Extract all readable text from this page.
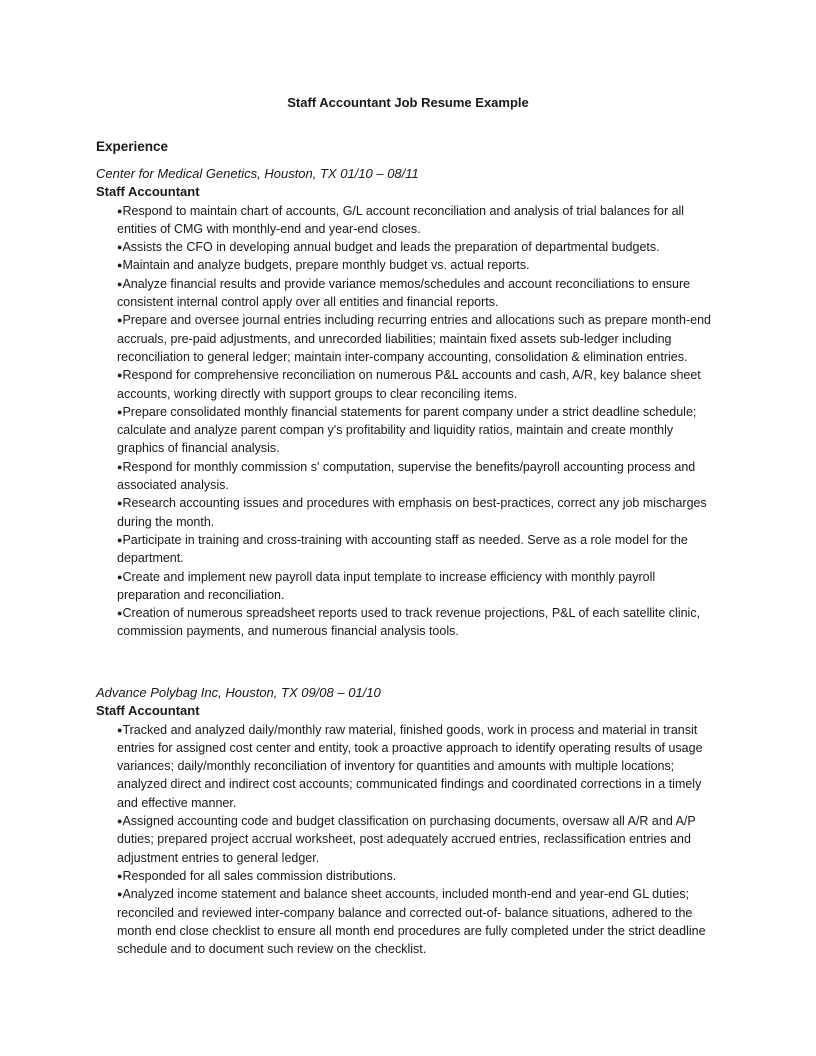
Staff Accountant Job Resume Example
Experience

Center for Medical Genetics, Houston, TX 01/10 – 08/11

Staff Accountant

●Respond to maintain chart of accounts, G/L account reconciliation and analysis of trial balances for all entities of CMG with monthly-end and year-end closes.
●Assists the CFO in developing annual budget and leads the preparation of departmental budgets.
●Maintain and analyze budgets, prepare monthly budget vs. actual reports.
●Analyze financial results and provide variance memos/schedules and account reconciliations to ensure consistent internal control apply over all entities and financial reports.
●Prepare and oversee journal entries including recurring entries and allocations such as prepare month-end accruals, pre-paid adjustments, and unrecorded liabilities; maintain fixed assets sub-ledger including reconciliation to general ledger; maintain inter-company accounting, consolidation & elimination entries.
●Respond for comprehensive reconciliation on numerous P&L accounts and cash, A/R, key balance sheet accounts, working directly with support groups to clear reconciling items.
●Prepare consolidated monthly financial statements for parent company under a strict deadline schedule; calculate and analyze parent compan y's profitability and liquidity ratios, maintain and create monthly graphics of financial analysis.
●Respond for monthly commission s' computation, supervise the benefits/payroll accounting process and associated analysis.
●Research accounting issues and procedures with emphasis on best-practices, correct any job mischarges during the month.
●Participate in training and cross-training with accounting staff as needed. Serve as a role model for the department.
●Create and implement new payroll data input template to increase efficiency with monthly payroll preparation and reconciliation.
●Creation of numerous spreadsheet reports used to track revenue projections, P&L of each satellite clinic, commission payments, and numerous financial analysis tools.

Advance Polybag Inc, Houston, TX 09/08 – 01/10

Staff Accountant

●Tracked and analyzed daily/monthly raw material, finished goods, work in process and material in transit entries for assigned cost center and entity, took a proactive approach to identify operating results of usage variances; daily/monthly reconciliation of inventory for quantities and amounts with multiple locations; analyzed direct and indirect cost accounts; communicated findings and coordinated corrections in a timely and effective manner.
●Assigned accounting code and budget classification on purchasing documents, oversaw all A/R and A/P duties; prepared project accrual worksheet, post adequately accrued entries, reclassification entries and adjustment entries to general ledger.
●Responded for all sales commission distributions.
●Analyzed income statement and balance sheet accounts, included month-end and year-end GL duties; reconciled and reviewed inter-company balance and corrected out-of- balance situations, adhered to the month end close checklist to ensure all month end procedures are fully completed under the strict deadline schedule and to document such review on the checklist.
